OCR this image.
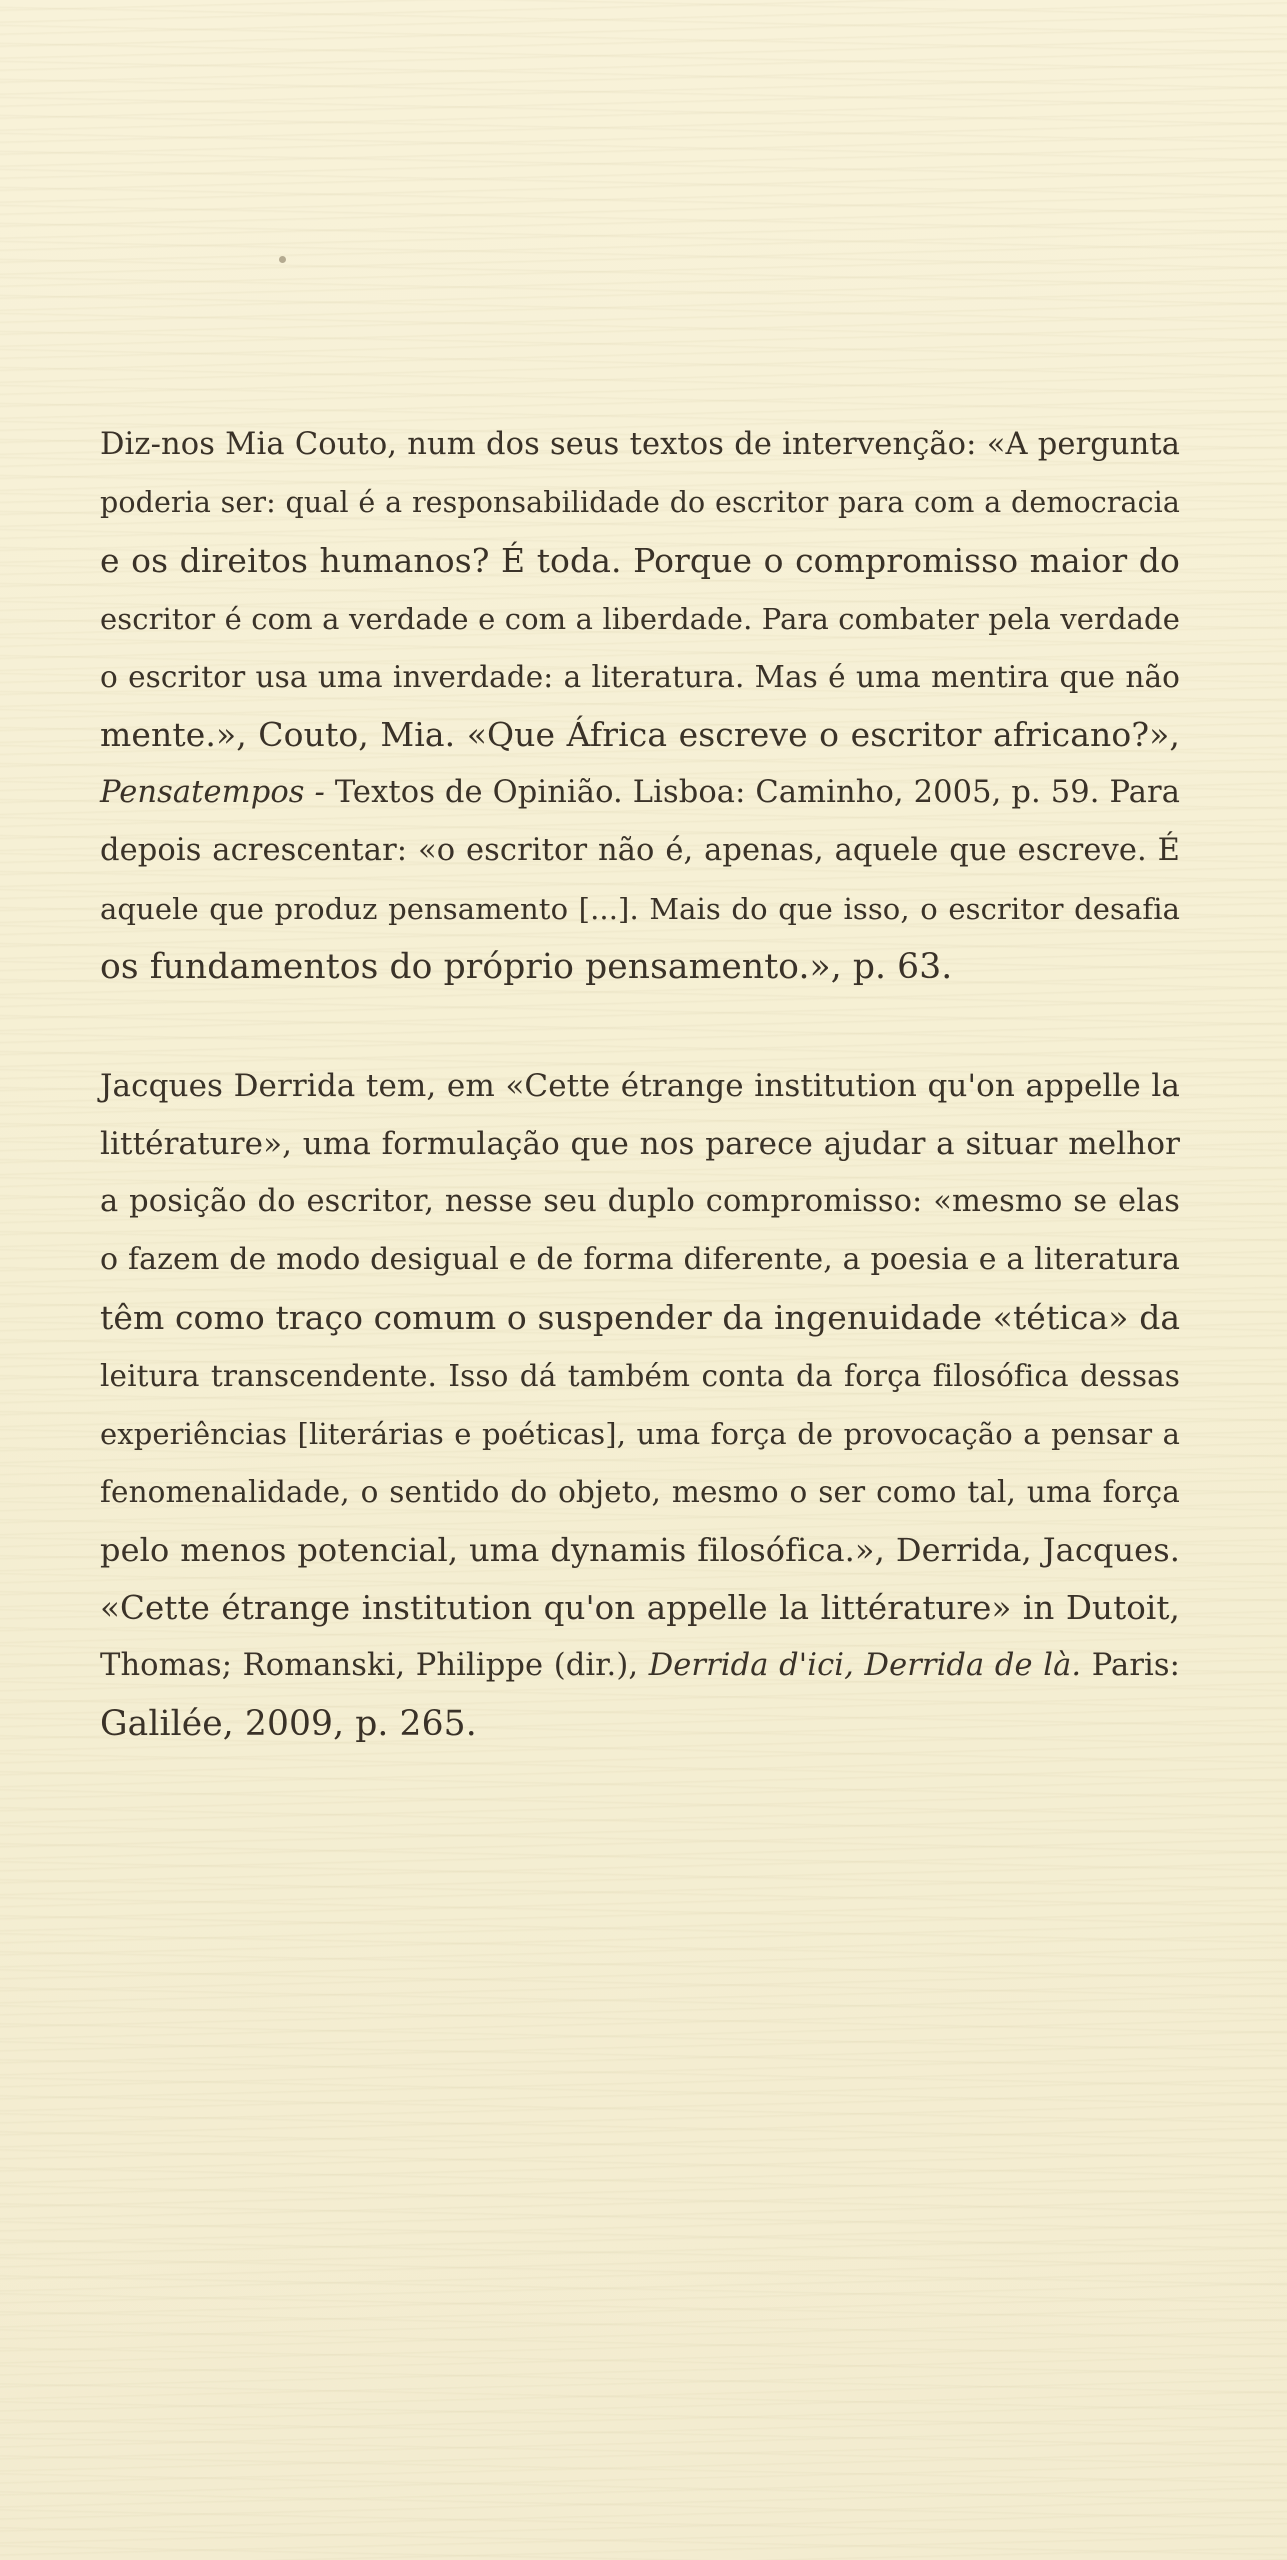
Diz-nos Mia Couto, num dos seus textos de intervenção: «A pergunta
poderia ser: qual é a responsabilidade do escritor para com a democracia
e os direitos humanos? É toda. Porque o compromisso maior do
escritor é com a verdade e com a liberdade. Para combater pela verdade
o escritor usa uma inverdade: a literatura. Mas é uma mentira que não
mente.», Couto, Mia. «Que África escreve o escritor africano?»,
Pensatempos - Textos de Opinião. Lisboa: Caminho, 2005, p. 59. Para
depois acrescentar: «o escritor não é, apenas, aquele que escreve. É
aquele que produz pensamento [...]. Mais do que isso, o escritor desafia
os fundamentos do próprio pensamento.», p. 63.
Jacques Derrida tem, em «Cette étrange institution qu'on appelle la
littérature», uma formulação que nos parece ajudar a situar melhor
a posição do escritor, nesse seu duplo compromisso: «mesmo se elas
o fazem de modo desigual e de forma diferente, a poesia e a literatura
têm como traço comum o suspender da ingenuidade «tética» da
leitura transcendente. Isso dá também conta da força filosófica dessas
experiências [literárias e poéticas], uma força de provocação a pensar a
fenomenalidade, o sentido do objeto, mesmo o ser como tal, uma força
pelo menos potencial, uma dynamis filosófica.», Derrida, Jacques.
«Cette étrange institution qu'on appelle la littérature» in Dutoit,
Thomas; Romanski, Philippe (dir.), Derrida d'ici, Derrida de là. Paris:
Galilée, 2009, p. 265.
